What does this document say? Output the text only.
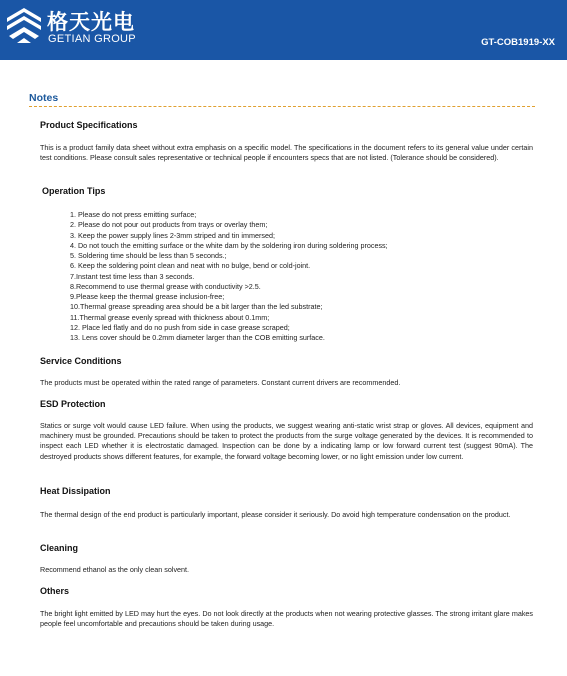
格天光电
GETIAN GROUP	GT-COB1919-XX
Notes
Product Specifications

This is a product family data sheet without extra emphasis on a specific model. The specifications in the document refers to its general value under certain test conditions. Please consult sales representative or technical people if encounters specs that are not listed. (Tolerance should be considered).

Operation Tips
1. Please do not press emitting surface;
2. Please do not pour out products from trays or overlay them;
3. Keep the power supply lines 2-3mm striped and tin immersed;
4. Do not touch the emitting surface or the white dam by the soldering iron during soldering process;
5. Soldering time should be less than 5 seconds.;
6. Keep the soldering point clean and neat with no bulge, bend or cold-joint.
7.Instant test time less than 3 seconds.
8.Recommend to use thermal grease with conductivity >2.5.
9.Please keep the thermal grease inclusion-free;
10.Thermal grease spreading area should be a bit larger than the led substrate;
11.Thermal grease evenly spread with thickness about 0.1mm;
12. Place led flatly and do no push from side in case grease scraped;
13. Lens cover should be 0.2mm diameter larger than the COB emitting surface.
Service Conditions

The products must be operated within the rated range of parameters. Constant current drivers are recommended.

ESD Protection

Statics or surge volt would cause LED failure. When using the products, we suggest wearing anti-static wrist strap or gloves. All devices, equipment and machinery must be grounded. Precautions should be taken to protect the products from the surge voltage generated by the devices. It is recommended to inspect each LED whether it is electrostatic damaged. Inspection can be done by a indicating lamp or low forward current test (suggest 90mA). The destroyed products shows different features, for example, the forward voltage becoming lower, or no light emission under low current.

Heat Dissipation

The thermal design of the end product is particularly important, please consider it seriously. Do avoid high temperature condensation on the product.

Cleaning

Recommend ethanol as the only clean solvent.

Others

The bright light emitted by LED may hurt the eyes. Do not look directly at the products when not wearing protective glasses. The strong irritant glare makes people feel uncomfortable and precautions should be taken during usage.
